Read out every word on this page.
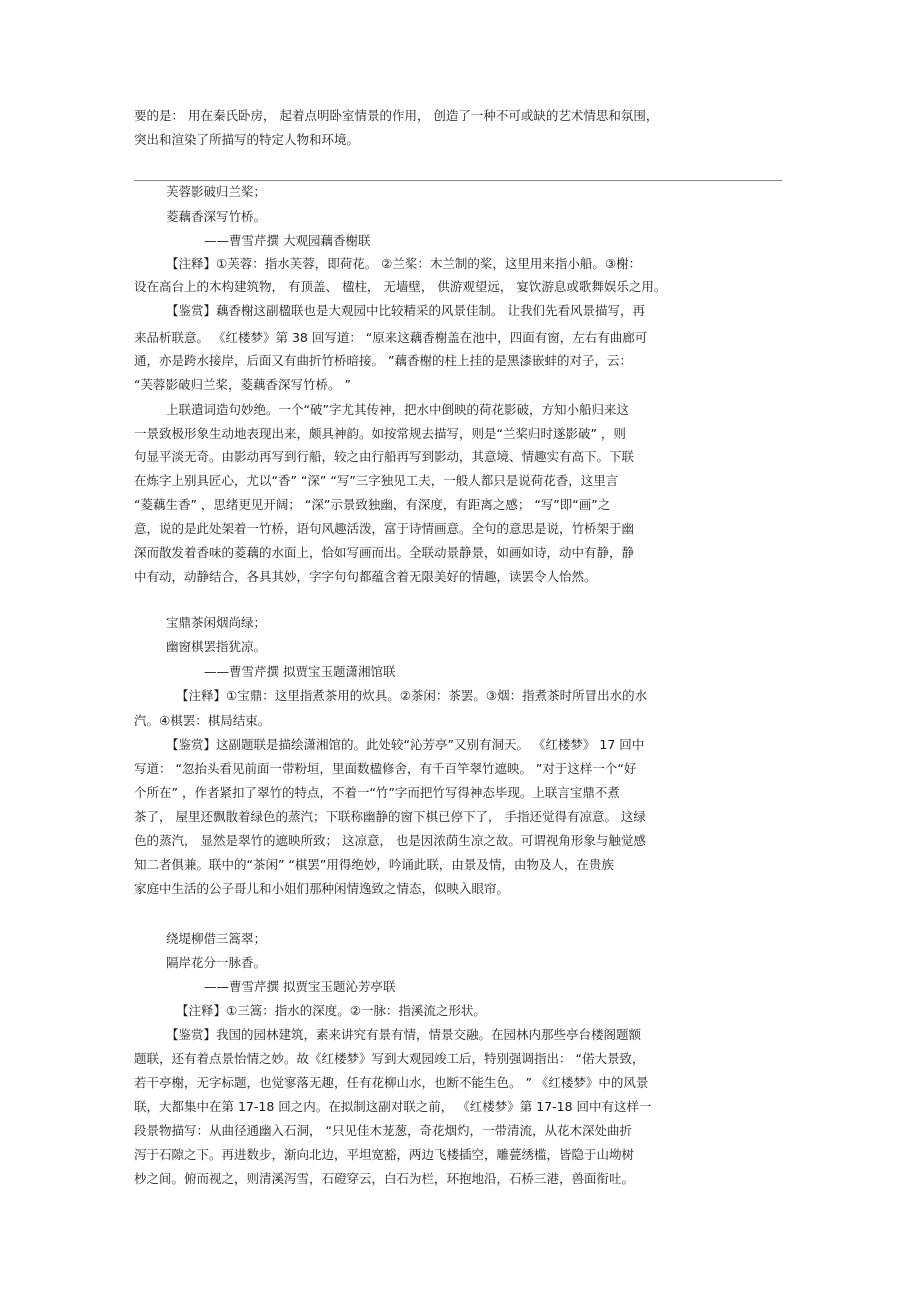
要的是： 用在秦氏卧房， 起着点明卧室情景的作用， 创造了一种不可或缺的艺术情思和氛围，
突出和渲染了所描写的特定人物和环境。
芙蓉影破归兰桨；
菱藕香深写竹桥。
——曹雪芹撰 大观园藕香榭联
【注释】①芙蓉：指水芙蓉，即荷花。 ②兰桨：木兰制的桨，这里用来指小船。③榭：
设在高台上的木构建筑物， 有顶盖、 楹柱， 无墙壁， 供游观望远， 宴饮游息或歌舞娱乐之用。
【鉴赏】藕香榭这副楹联也是大观园中比较精采的风景佳制。 让我们先看风景描写，再
来品析联意。 《红楼梦》第 38 回写道： “原来这藕香榭盖在池中，四面有窗，左右有曲廊可
通，亦是跨水接岸，后面又有曲折竹桥暗接。 ”藕香榭的柱上挂的是黑漆嵌蚌的对子，云：
“芙蓉影破归兰桨，菱藕香深写竹桥。 ”
上联遣词造句妙绝。一个“破”字尤其传神，把水中倒映的荷花影破，方知小船归来这
一景致极形象生动地表现出来，颇具神韵。如按常规去描写，则是“兰桨归时遂影破” ，则
句显平淡无奇。由影动再写到行船，较之由行船再写到影动，其意境、情趣实有高下。下联
在炼字上别具匠心，尤以“香” “深” “写”三字独见工夫，一般人都只是说荷花香，这里言
“菱藕生香” ，思绪更见开阔； “深”示景致独幽，有深度，有距离之感； “写”即“画”之
意，说的是此处架着一竹桥，语句风趣活泼，富于诗情画意。全句的意思是说，竹桥架于幽
深而散发着香味的菱藕的水面上，恰如写画而出。全联动景静景，如画如诗，动中有静，静
中有动，动静结合，各具其妙，字字句句都蕴含着无限美好的情趣，读罢令人怡然。
宝鼎茶闲烟尚绿；
幽窗棋罢指犹凉。
——曹雪芹撰 拟贾宝玉题潇湘馆联
【注释】①宝鼎：这里指煮茶用的炊具。②茶闲：茶罢。③烟：指煮茶时所冒出水的水
汽。④棋罢：棋局结束。
【鉴赏】这副题联是描绘潇湘馆的。此处较“沁芳亭”又别有洞天。 《红楼梦》 17 回中
写道： “忽抬头看见前面一带粉垣，里面数楹修舍，有千百竿翠竹遮映。 ”对于这样一个“好
个所在” ，作者紧扣了翠竹的特点，不着一“竹”字而把竹写得神态毕现。上联言宝鼎不煮
茶了， 屋里还飘散着绿色的蒸汽；下联称幽静的窗下棋已停下了， 手指还觉得有凉意。 这绿
色的蒸汽， 显然是翠竹的遮映所致； 这凉意， 也是因浓荫生凉之故。可谓视角形象与触觉感
知二者俱兼。联中的“茶闲” “棋罢”用得绝妙，吟诵此联，由景及情，由物及人，在贵族
家庭中生活的公子哥儿和小姐们那种闲情逸致之情态，似映入眼帘。
绕堤柳借三篙翠；
隔岸花分一脉香。
——曹雪芹撰 拟贾宝玉题沁芳亭联
【注释】①三篙：指水的深度。②一脉：指溪流之形状。
【鉴赏】我国的园林建筑，素来讲究有景有情，情景交融。在园林内那些亭台楼阁题额
题联，还有着点景怡情之妙。故《红楼梦》写到大观园竣工后，特别强调指出： “偌大景致，
若干亭榭，无字标题，也觉寥落无趣，任有花柳山水，也断不能生色。 ” 《红楼梦》中的风景
联，大都集中在第 17-18 回之内。在拟制这副对联之前， 《红楼梦》第 17-18 回中有这样一
段景物描写：从曲径通幽入石洞， “只见佳木茏葱，奇花烟灼，一带清流，从花木深处曲折
泻于石隙之下。再进数步，渐向北边，平坦宽豁，两边飞楼插空，雕甍绣槛，皆隐于山坳树
杪之间。俯而视之，则清溪泻雪，石磴穿云，白石为栏，环抱地沿，石桥三港，兽面衔吐。
